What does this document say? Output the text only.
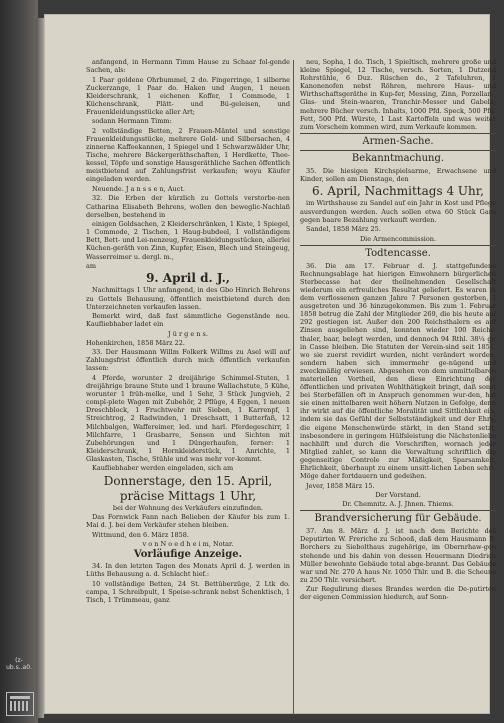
anfangend, in Hermann Timm Hause zu Schaar fol-gende Sachen, als:
1 Paar goldene Ohrbummel, 2 do. Fingerringe, 1 silberne Zuckerzange, 1 Paar do. Haken und Augen, 1 neuen Kleiderschrank, 1 eichenen Koffer, 1 Commode, 1 Küchenschrank, Plätt- und Bü-geleisen, und Frauenkleidungsstücke aller Art;
sodann Hermann Timm:
2 vollständige Betten, 2 Frauen-Mäntel und sonstige Frauenkleidungsstücke, mehrere Gold- und Silbersachen, 4 zinnerne Kaffeekannen, 1 Spiegel und 1 Schwarzwälder Uhr, Tische, mehrere Bäckergeräthschaften, 1 Herdkette, Thee-kessel, Töpfe und sonstige Hausgeräthliche Sachen öffentlich meistbietend auf Zahlungsfrist verkaufen; woyu Käufer eingeladen werden.
Neuende. J a n s s e n, Auct.
32. Die Erben der kürzlich zu Gottels verstorbe-nen Catharina Elisabeth Behrens, wollen den beweglic-Nachlaß derselben, bestehend in
einigen Goldsachen, 2 Kleiderschränken, 1 Kiste, 1 Spiegel, 1 Commode, 2 Tischen, 1 Haug-bubdeel, 1 vollständigem Bett, Bett- und Lei-nenzeug, Frauenkleidungsstücken, allerlei Küchen-geräth von Zinn, Kupfer, Eisen, Blech und Steingeug, Wasserreimer u. dergl. m.,
am
9. April d. J.,
Nachmittags 1 Uhr anfangend, in des Gbo Hinrich Behrens zu Gottels Behausung, öffentlich meistbietend durch den Unterzeichneten verkaufen lassen.
Bemerkt wird, daß fast sämmtliche Gegenstände neu. Kaufliebhaber ladet ein
J ü r g e n s.
Hohenkirchen, 1858 März 22.
33. Der Hausmann Willm Folkerk Willms zu Asel will auf Zahlungsfrist öffentlich durch mich öffentlich verkaufen lassen:
4 Pferde, worunter 2 dreijährige Schimmel-Stuten, 1 dreijährige braune Stute und 1 braune Wallachstute, 5 Kühe, worunter 1 früh-melke, und 1 Sehr, 3 Stück Jungvieh, 2 compl-plete Wagen mit Zubehör, 2 Pflüge, 4 Eggen, 1 neuen Dreschblock, 1 Fruchtwehr mit Sieben, 1 Karrenpf, 1 Streichtrog, 2 Radwinden, 1 Dreschsatt, 1 Butterfaß, 12 Milchbalgen, Waffereimer, led. und harl. Pferdegeschirr, 1 Milchfarre, 1 Grasbarre, Sensen und Sichten mit Zubehörungen und 1 Düngerhaufen, ferner: 1 Kleiderschrank, 1 Hornkleiderstück, 1 Anrichte, 1 Glaskasten, Tische, Stühle und was mehr vor-kommt.
Kaufliebhaber werden eingeladen, sich am
Donnerstage, den 15. April,
präcise Mittags 1 Uhr,
bei der Wohnung des Verkäufers einzufinden.
Das Fornwick Fann nach Belieben der Käufer bis zum 1. Mai d. J. bei dem Verkäufer stehen bleiben.
Wittmund, den 6. März 1858.
v o n N o e d h e i m, Notar.
Vorläufige Anzeige.
34. In den letzten Tagen des Monats April d. J. werden in Lüths Behausung a. d. Schlacht hief.:
10 vollständige Betten, 24 St. Bettüberzüge, 2 Ltk do. campa, 1 Schreibpult, 1 Speise-schrank nebst Schenktisch, 1 Tisch, 1 Trümmeau, ganz
neu, Sopha, 1 do. Tisch, 1 Spieltisch, mehrere große und kleine Spiegel, 12 Tische, versch. Sorten, 1 Dutzend Rohrstühle, 6 Duz. Rüschen do., 2 Tafeluhren, 1 Kanonenofen nebst Röhren, mehrere Haus- und Wirthschaftsgeräthe in Kup-fer, Messing, Zinn, Porzellan-, Glas- und Stein-waaren, Tranchir-Messer und Gabeln, mehrere Bücher versch. Inhalts, 1000 Pfd. Speck, 500 Pfd. Fett, 500 Pfd. Würste, 1 Last Kartoffeln und was weiter zum Vorschein kommen wird, zum Verkaufe kommen.
Armen-Sache.
Bekanntmachung.
35. Die hiesigen Kirchspielsarme, Erwachsene und Kinder, sollen am Dienstage, den
6. April, Nachmittags 4 Uhr,
im Wirthshause zu Sandel auf ein Jahr in Kost und Pflege ausverdungen werden. Auch sollen etwa 60 Stück Garn gegen baare Bezahlung verkauft werden.
Sandel, 1858 März 25.
Die Armencommission.
Todtencasse.
36. Die am 17. Februar d. J. stattgefundene Rechnungsablage hat hierigen Einwohnern bürgerlichen Sterbecasse hat der theilnehmenden Gesellschaft wiederum ein erfreuliches Resultat geliefert. Es waren in dem verflossenen ganzen Jahre 7 Personen gestorben, 2 ausgetreten und 36 hinzugekommen. Bis zum 1. Februar 1858 betrug die Zahl der Mitglieder 269, die bis heute auf 292 gestiegen ist. Außer den 200 Reichsthalern es auf Zinsen ausgeliehen sind, konnten wieder 100 Reichs-thaler, baar, belegt werden, und dennoch 94 Rthl. 38¼ gr. in Casse bleiben. Die Statuten der Verein-sind seit 1851, wo sie zuerst revidirt wurden, nicht verändert worden, sondern haben sich immermehr ge-nügend und zweckmäßig erwiesen. Abgesehen von dem unmittelbaren materiellen Vortheil, den diese Einrichtung der öffentlichen und privaten Wohlthätigkeit bringt, daß sonst bei Sterbefällen oft in Anspruch genommen wur-den, hat sie einen mittelbaren weit höhern Nutzen in Gefolge, denn ihr wirkt auf die öffentliche Moralität und Sittlichkeit ein, indem sie das Gefühl der Selbstständigkeit und der Ehre, die eigene Menschenwürde stärkt, in den Stand setzt, insbesondere in geringem Hülfsleistung die Nächstenliebe nachhilft und durch die Vorschriften, wornach jeder Mitglied zahlet, so kann die Verwaltung schriftlich die gegenseitige Controle zur Mäßigkeit, Sparsamkeit, Ehrlichkeit, überhaupt zu einem unsitt-lichen Leben sehrt. Möge daher fortdauern und gedeihen.
Jever, 1858 März 15.
Der Vorstand.
Dr. Chemnitz. A. J. Jhnen. Thiems.
Brandversicherung für Gebäude.
37. Am 8. März d. J. ist nach dem Berichte des Deputirten W. Freriche zu Schooß, daß dem Hausmann B. Borchers zu Siebolthaus zugehörige, im Obernrhaw-gen stehende und bis dahin von dessen Heuermann Diedrich Müller bewohnte Gebäude total abge-brannt. Das Gebäude war und Nr. 270 A haus Nr. 1050 Thlr. und B. die Scheune zu 250 Thlr. versichert.
Zur Regulirung dieses Brandes werden die De-putirten der eigenen Commission hiedurch, auf Sonn-
(z-ub.s..a0.
